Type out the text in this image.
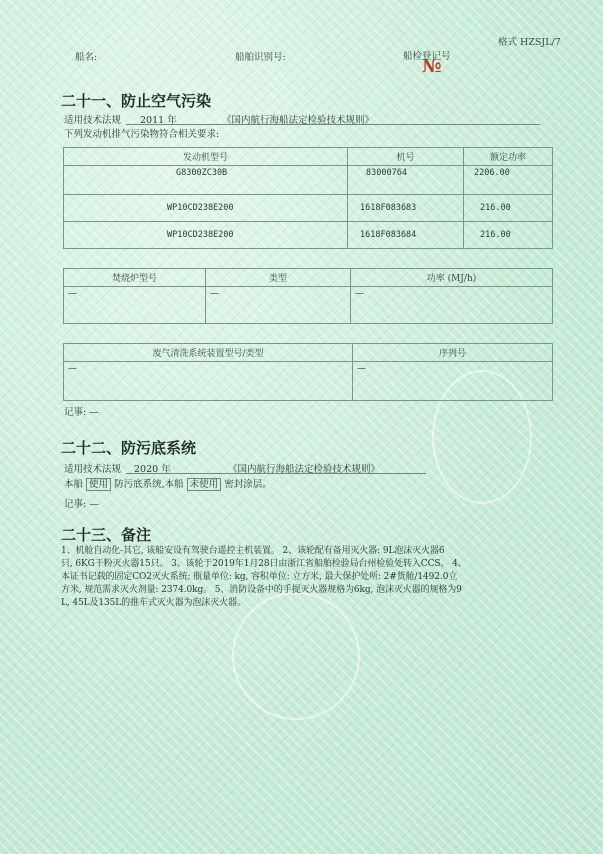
格式 HZSJL/7
船名:	船舶识别号:	船检登记号
№
二十一、防止空气污染
适用技术法规 2011 年	《国内航行海船法定检验技术规则》
下列发动机排气污染物符合相关要求:
发动机型号	机号	额定功率
G8300ZC30B	83000764	2206.00
WP10CD238E200	1618F083683	216.00
WP10CD238E200	1618F083684	216.00
焚烧炉型号	类型	功率 (MJ/h)
—	—	—
废气清洗系统装置型号/类型	序列号
—	—
记事: —
二十二、防污底系统
适用技术法规 2020 年	《国内航行海船法定检验技术规则》
本船 使用 防污底系统,本船 未使用 密封涂层。
记事: —
二十三、备注
1、机舱自动化-其它, 该船安设有驾驶台遥控主机装置。 2、该轮配有备用灭火器: 9L泡沫灭火器6
只, 6KG干粉灭火器15只。 3、该轮于2019年1月28日由浙江省船舶检验局台州检验处转入CCS。 4、
本证书记载的固定CO2灭火系统: 瓶量单位: kg, 容积单位: 立方米, 最大保护处所: 2#货舱/1492.0立
方米, 规范需求灭火剂量: 2374.0kg。 5、消防设备中的手提灭火器规格为6kg, 泡沫灭火器的规格为9
L, 45L及135L的推车式灭火器为泡沫灭火器。
